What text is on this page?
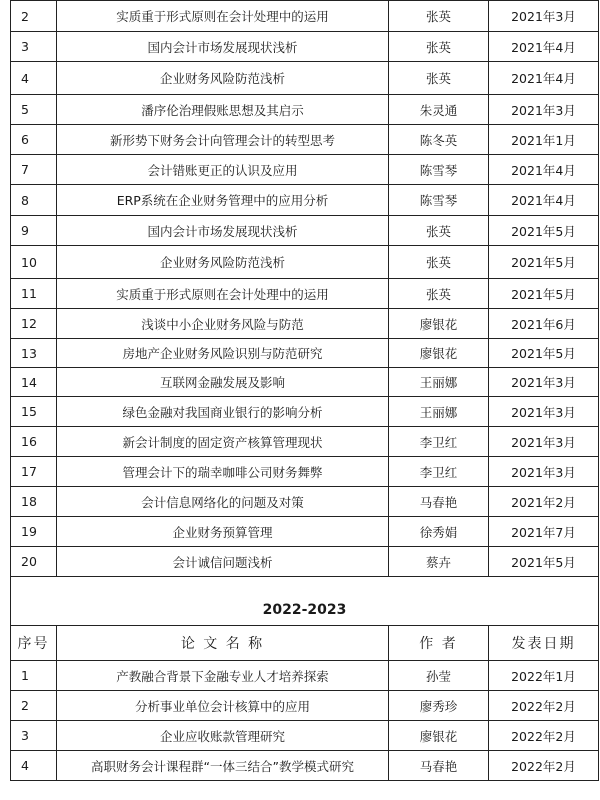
2	实质重于形式原则在会计处理中的运用	张英	2021年3月
3	国内会计市场发展现状浅析	张英	2021年4月
4	企业财务风险防范浅析	张英	2021年4月
5	潘序伦治理假账思想及其启示	朱灵通	2021年3月
6	新形势下财务会计向管理会计的转型思考	陈冬英	2021年1月
7	会计错账更正的认识及应用	陈雪琴	2021年4月
8	ERP系统在企业财务管理中的应用分析	陈雪琴	2021年4月
9	国内会计市场发展现状浅析	张英	2021年5月
10	企业财务风险防范浅析	张英	2021年5月
11	实质重于形式原则在会计处理中的运用	张英	2021年5月
12	浅谈中小企业财务风险与防范	廖银花	2021年6月
13	房地产企业财务风险识别与防范研究	廖银花	2021年5月
14	互联网金融发展及影响	王丽娜	2021年3月
15	绿色金融对我国商业银行的影响分析	王丽娜	2021年3月
16	新会计制度的固定资产核算管理现状	李卫红	2021年3月
17	管理会计下的瑞幸咖啡公司财务舞弊	李卫红	2021年3月
18	会计信息网络化的问题及对策	马春艳	2021年2月
19	企业财务预算管理	徐秀娟	2021年7月
20	会计诚信问题浅析	蔡卉	2021年5月

2022-2023			
序号	论 文 名 称	作 者	发表日期
1	产教融合背景下金融专业人才培养探索	孙莹	2022年1月
2	分析事业单位会计核算中的应用	廖秀珍	2022年2月
3	企业应收账款管理研究	廖银花	2022年2月
4	高职财务会计课程群“一体三结合”教学模式研究	马春艳	2022年2月
